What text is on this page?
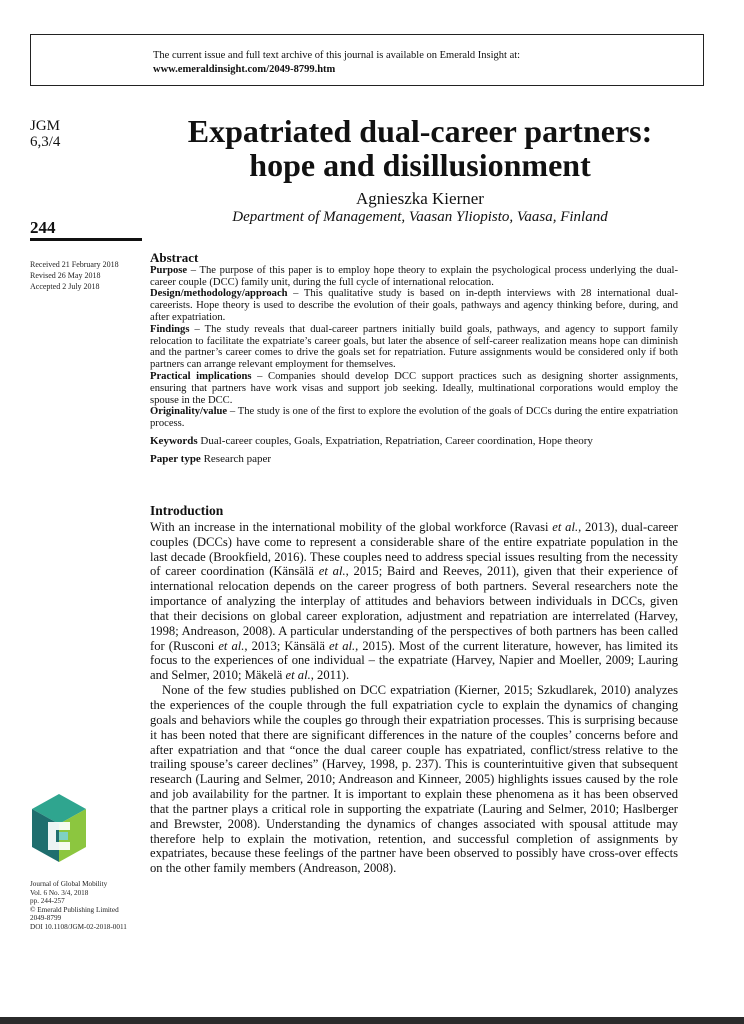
The current issue and full text archive of this journal is available on Emerald Insight at:
www.emeraldinsight.com/2049-8799.htm
JGM
6,3/4	Expatriated dual-career partners:
hope and disillusionment
Agnieszka Kierner
Department of Management, Vaasan Yliopisto, Vaasa, Finland
244
Received 21 February 2018
Revised 26 May 2018
Accepted 2 July 2018
Abstract

Purpose – The purpose of this paper is to employ hope theory to explain the psychological process underlying the dual-career couple (DCC) family unit, during the full cycle of international relocation.

Design/methodology/approach – This qualitative study is based on in-depth interviews with 28 international dual-careerists. Hope theory is used to describe the evolution of their goals, pathways and agency thinking before, during, and after expatriation.

Findings – The study reveals that dual-career partners initially build goals, pathways, and agency to support family relocation to facilitate the expatriate’s career goals, but later the absence of self-career realization means hope can diminish and the partner’s career comes to drive the goals set for repatriation. Future assignments would be considered only if both partners can arrange relevant employment for themselves.

Practical implications – Companies should develop DCC support practices such as designing shorter assignments, ensuring that partners have work visas and support job seeking. Ideally, multinational corporations would employ the spouse in the DCC.

Originality/value – The study is one of the first to explore the evolution of the goals of DCCs during the entire expatriation process.

Keywords Dual-career couples, Goals, Expatriation, Repatriation, Career coordination, Hope theory

Paper type Research paper

Introduction

With an increase in the international mobility of the global workforce (Ravasi et al., 2013), dual-career couples (DCCs) have come to represent a considerable share of the entire expatriate population in the last decade (Brookfield, 2016). These couples need to address special issues resulting from the necessity of career coordination (Känsälä et al., 2015; Baird and Reeves, 2011), given that their experience of international relocation depends on the career progress of both partners. Several researchers note the importance of analyzing the interplay of attitudes and behaviors between individuals in DCCs, given that their decisions on global career exploration, adjustment and repatriation are interrelated (Harvey, 1998; Andreason, 2008). A particular understanding of the perspectives of both partners has been called for (Rusconi et al., 2013; Känsälä et al., 2015). Most of the current literature, however, has limited its focus to the experiences of one individual – the expatriate (Harvey, Napier and Moeller, 2009; Lauring and Selmer, 2010; Mäkelä et al., 2011).

None of the few studies published on DCC expatriation (Kierner, 2015; Szkudlarek, 2010) analyzes the experiences of the couple through the full expatriation cycle to explain the dynamics of changing goals and behaviors while the couples go through their expatriation processes. This is surprising because it has been noted that there are significant differences in the nature of the couples’ concerns before and after expatriation and that “once the dual career couple has expatriated, conflict/stress relative to the trailing spouse’s career declines” (Harvey, 1998, p. 237). This is counterintuitive given that subsequent research (Lauring and Selmer, 2010; Andreason and Kinneer, 2005) highlights issues caused by the role and job availability for the partner. It is important to explain these phenomena as it has been observed that the partner plays a critical role in supporting the expatriate (Lauring and Selmer, 2010; Haslberger and Brewster, 2008). Understanding the dynamics of changes associated with spousal attitude may therefore help to explain the motivation, retention, and successful completion of assignments by expatriates, because these feelings of the partner have been observed to possibly have cross-over effects on the other family members (Andreason, 2008).

Journal of Global Mobility
Vol. 6 No. 3/4, 2018
pp. 244-257
© Emerald Publishing Limited
2049-8799
DOI 10.1108/JGM-02-2018-0011
